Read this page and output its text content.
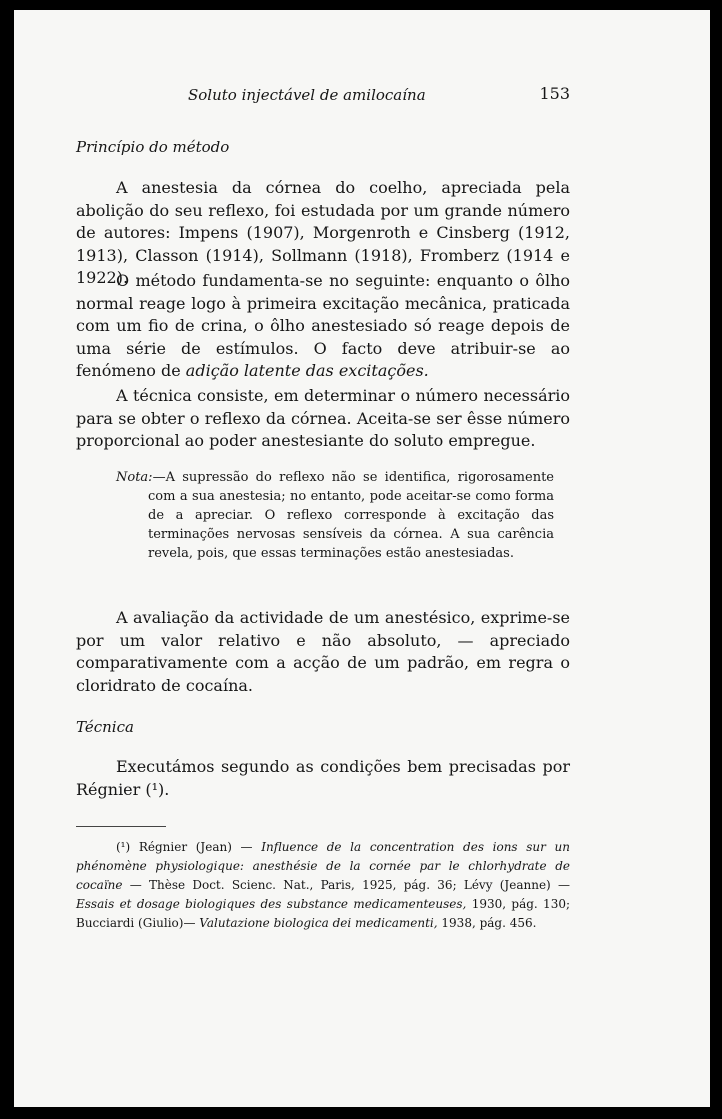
Soluto injectável de amilocaína	153
Princípio do método

A anestesia da córnea do coelho, apreciada pela abolição do seu reflexo, foi estudada por um grande número de autores: Impens (1907), Morgenroth e Cinsberg (1912, 1913), Classon (1914), Sollmann (1918), Fromberz (1914 e 1922).

O método fundamenta-se no seguinte: enquanto o ôlho normal reage logo à primeira excitação mecânica, praticada com um fio de crina, o ôlho anestesiado só reage depois de uma série de estímulos. O facto deve atribuir-se ao fenómeno de adição latente das excitações.

A técnica consiste, em determinar o número necessário para se obter o reflexo da córnea. Aceita-se ser êsse número proporcional ao poder anestesiante do soluto empregue.

Nota:—A supressão do reflexo não se identifica, rigorosamente com a sua anestesia; no entanto, pode aceitar-se como forma de a apreciar. O reflexo corresponde à excitação das terminações nervosas sensíveis da córnea. A sua carência revela, pois, que essas terminações estão anestesiadas.

A avaliação da actividade de um anestésico, exprime-se por um valor relativo e não absoluto, — apreciado comparativamente com a acção de um padrão, em regra o cloridrato de cocaína.

Técnica

Executámos segundo as condições bem precisadas por Régnier (¹).

(¹) Régnier (Jean) — Influence de la concentration des ions sur un phénomène physiologique: anesthésie de la cornée par le chlorhydrate de cocaïne — Thèse Doct. Scienc. Nat., Paris, 1925, pág. 36; Lévy (Jeanne) — Essais et dosage biologiques des substance medicamenteuses, 1930, pág. 130; Bucciardi (Giulio)— Valutazione biologica dei medicamenti, 1938, pág. 456.
